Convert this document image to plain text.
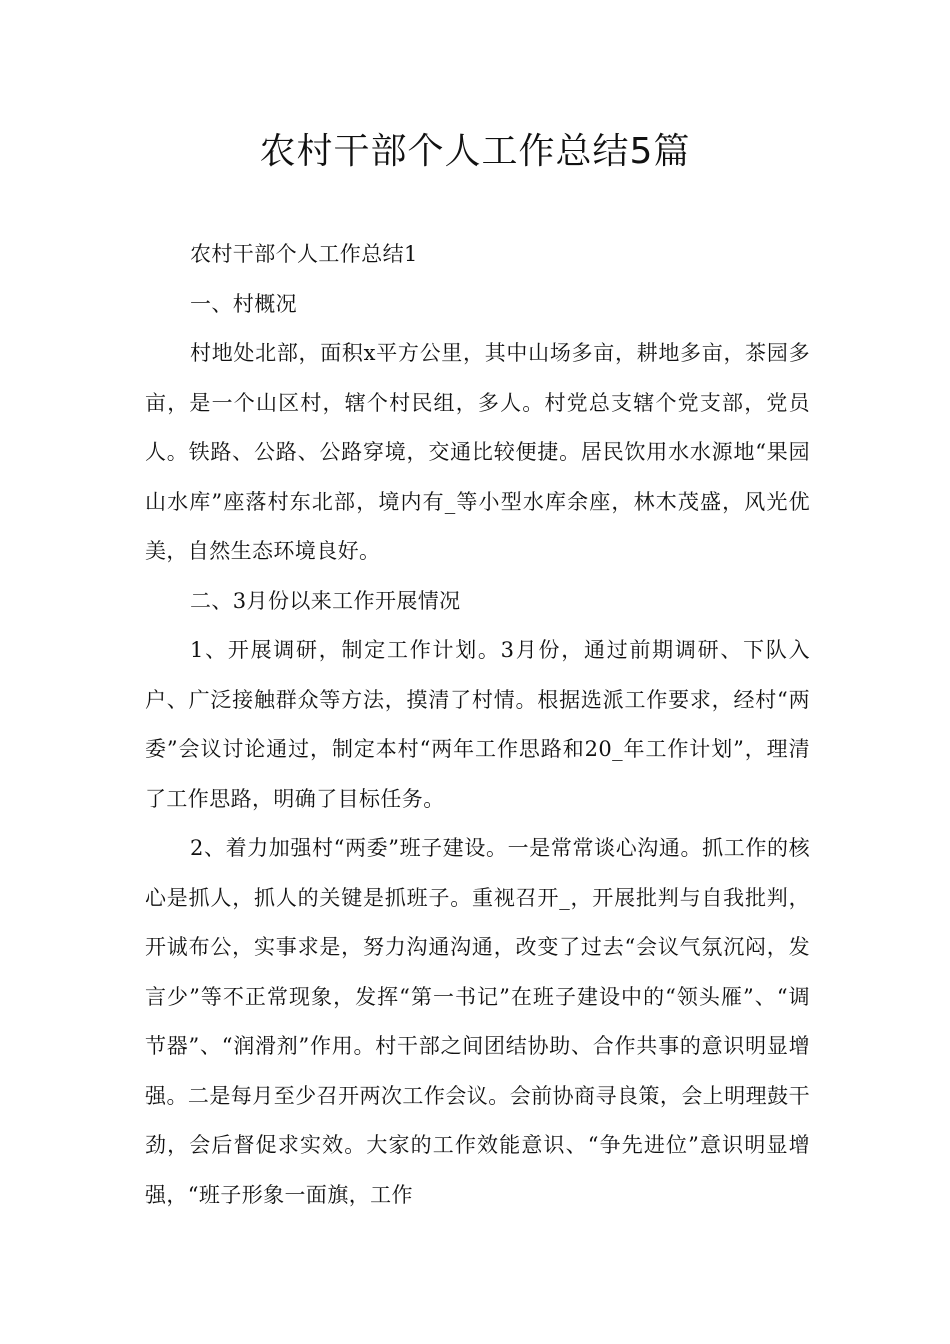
农村干部个人工作总结5篇

农村干部个人工作总结1

一、村概况

村地处北部，面积x平方公里，其中山场多亩，耕地多亩，茶园多亩，是一个山区村，辖个村民组，多人。村党总支辖个党支部，党员人。铁路、公路、公路穿境，交通比较便捷。居民饮用水水源地“果园山水库”座落村东北部，境内有_等小型水库余座，林木茂盛，风光优美，自然生态环境良好。

二、3月份以来工作开展情况

1、开展调研，制定工作计划。3月份，通过前期调研、下队入户、广泛接触群众等方法，摸清了村情。根据选派工作要求，经村“两委”会议讨论通过，制定本村“两年工作思路和20_年工作计划”，理清了工作思路，明确了目标任务。

2、着力加强村“两委”班子建设。一是常常谈心沟通。抓工作的核心是抓人，抓人的关键是抓班子。重视召开_，开展批判与自我批判，开诚布公，实事求是，努力沟通沟通，改变了过去“会议气氛沉闷，发言少”等不正常现象，发挥“第一书记”在班子建设中的“领头雁”、“调节器”、“润滑剂”作用。村干部之间团结协助、合作共事的意识明显增强。二是每月至少召开两次工作会议。会前协商寻良策，会上明理鼓干劲，会后督促求实效。大家的工作效能意识、“争先进位”意识明显增强，“班子形象一面旗，工作
